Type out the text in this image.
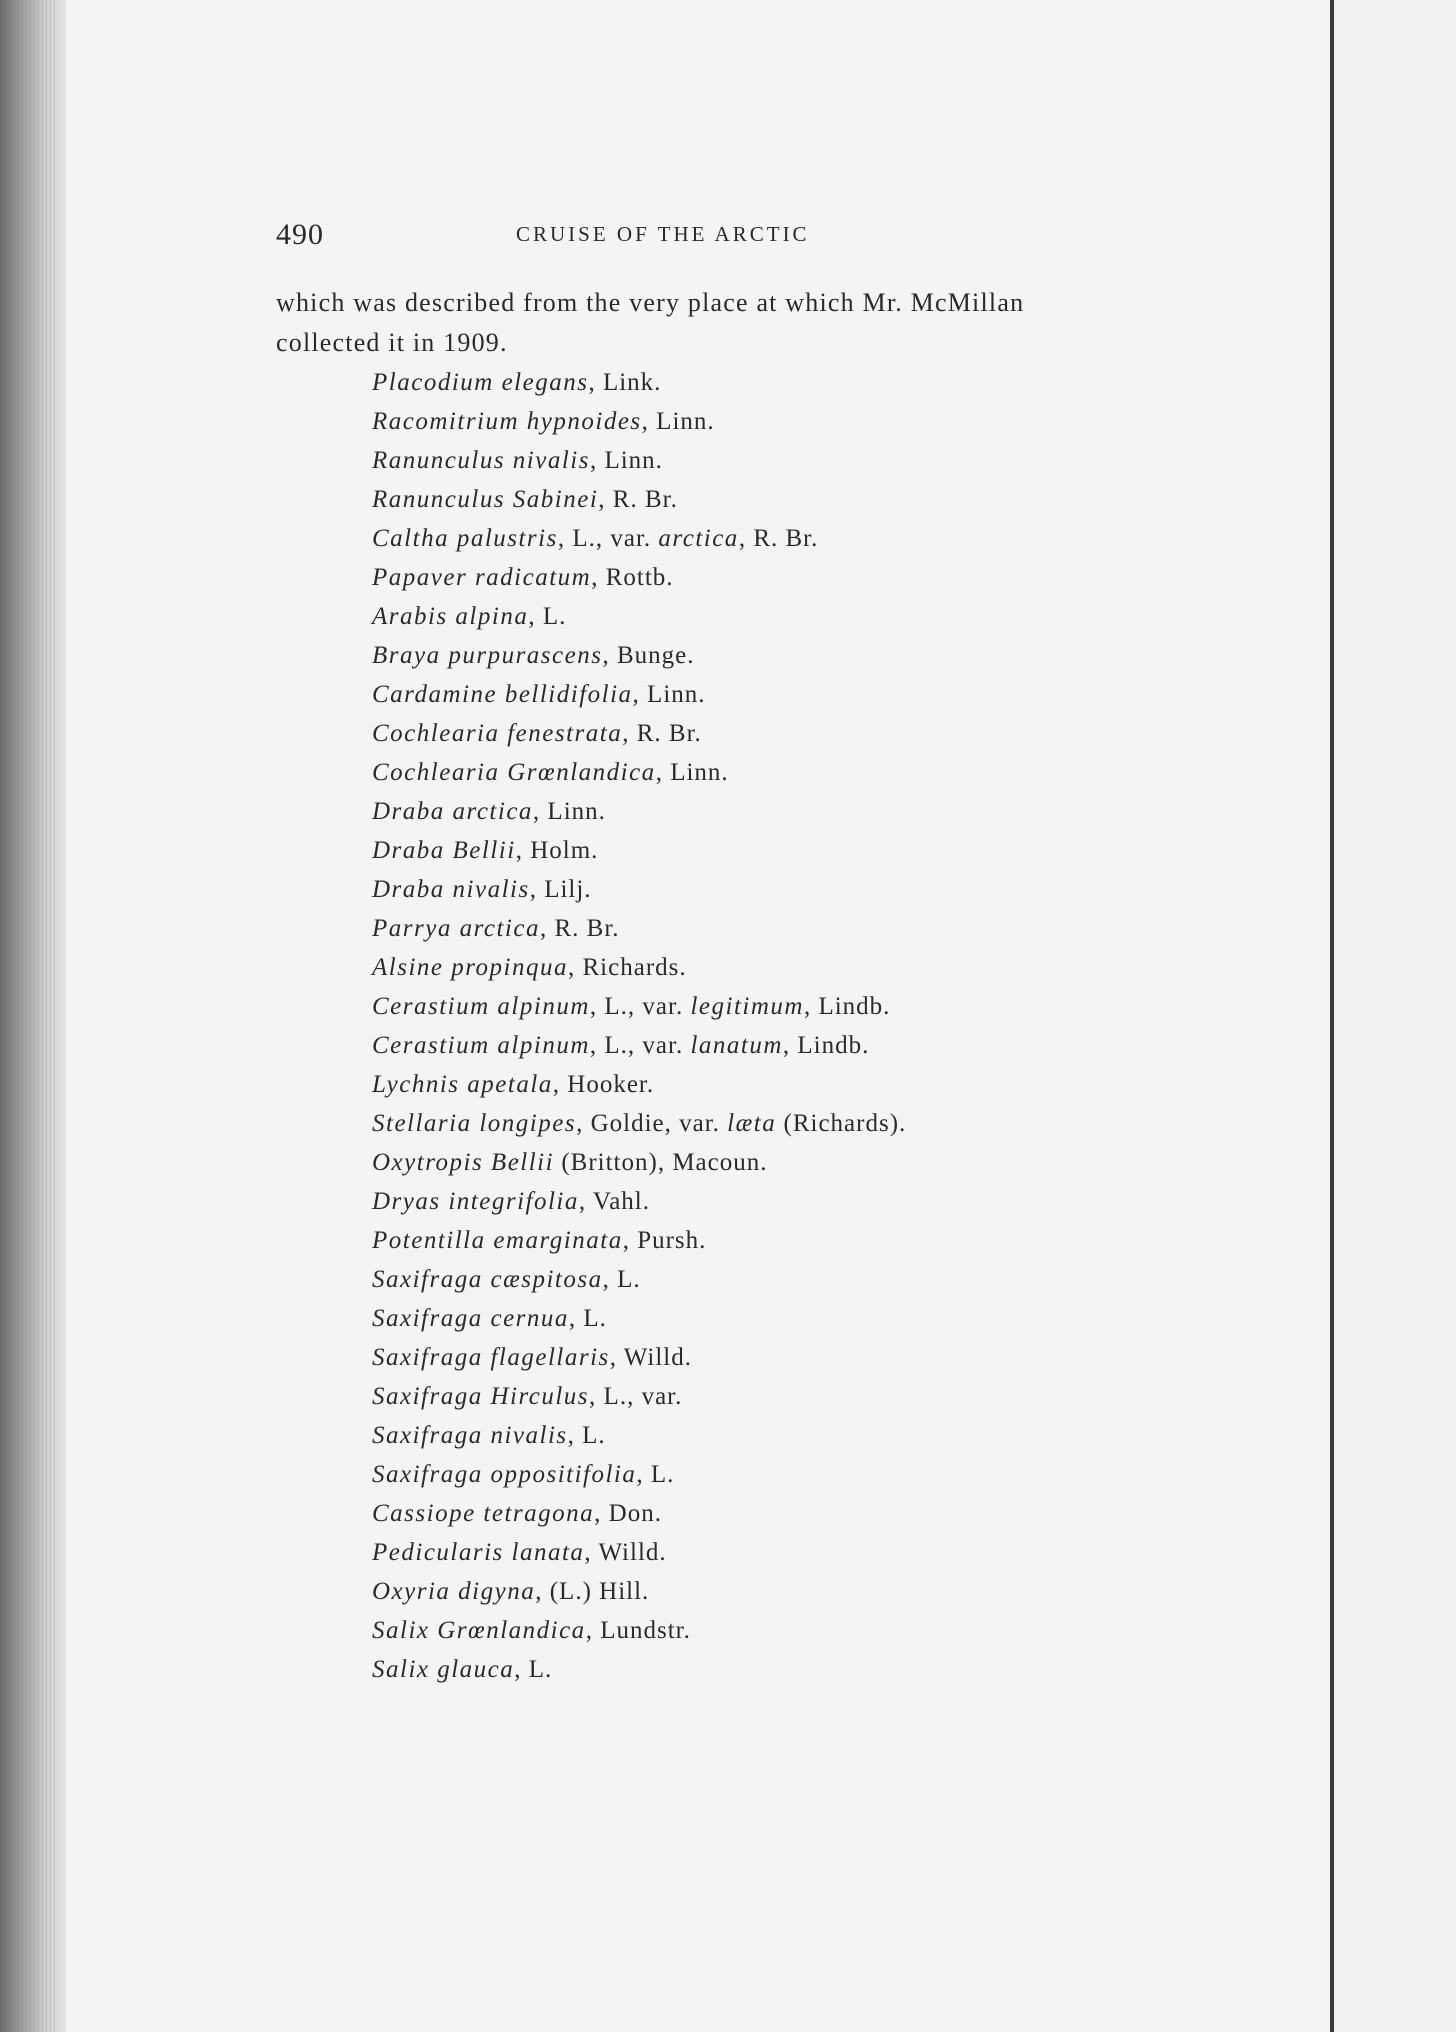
490	CRUISE OF THE ARCTIC

which was described from the very place at which Mr. McMillan

collected it in 1909.

Placodium elegans, Link.
Racomitrium hypnoides, Linn.
Ranunculus nivalis, Linn.
Ranunculus Sabinei, R. Br.
Caltha palustris, L., var. arctica, R. Br.
Papaver radicatum, Rottb.
Arabis alpina, L.
Braya purpurascens, Bunge.
Cardamine bellidifolia, Linn.
Cochlearia fenestrata, R. Br.
Cochlearia Grœnlandica, Linn.
Draba arctica, Linn.
Draba Bellii, Holm.
Draba nivalis, Lilj.
Parrya arctica, R. Br.
Alsine propinqua, Richards.
Cerastium alpinum, L., var. legitimum, Lindb.
Cerastium alpinum, L., var. lanatum, Lindb.
Lychnis apetala, Hooker.
Stellaria longipes, Goldie, var. læta (Richards).
Oxytropis Bellii (Britton), Macoun.
Dryas integrifolia, Vahl.
Potentilla emarginata, Pursh.
Saxifraga cæspitosa, L.
Saxifraga cernua, L.
Saxifraga flagellaris, Willd.
Saxifraga Hirculus, L., var.
Saxifraga nivalis, L.
Saxifraga oppositifolia, L.
Cassiope tetragona, Don.
Pedicularis lanata, Willd.
Oxyria digyna, (L.) Hill.
Salix Grœnlandica, Lundstr.
Salix glauca, L.
